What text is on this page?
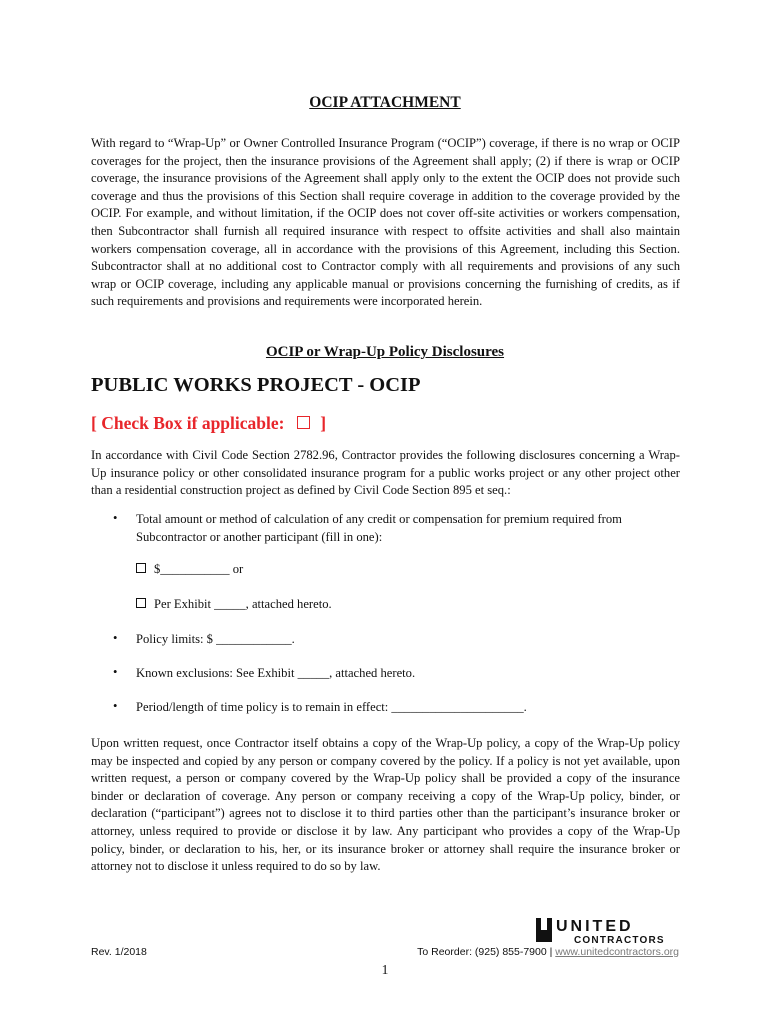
OCIP ATTACHMENT

With regard to “Wrap-Up” or Owner Controlled Insurance Program (“OCIP”) coverage, if there is no wrap or OCIP coverages for the project, then the insurance provisions of the Agreement shall apply; (2) if there is wrap or OCIP coverage, the insurance provisions of the Agreement shall apply only to the extent the OCIP does not provide such coverage and thus the provisions of this Section shall require coverage in addition to the coverage provided by the OCIP. For example, and without limitation, if the OCIP does not cover off-site activities or workers compensation, then Subcontractor shall furnish all required insurance with respect to offsite activities and shall also maintain workers compensation coverage, all in accordance with the provisions of this Agreement, including this Section. Subcontractor shall at no additional cost to Contractor comply with all requirements and provisions of any such wrap or OCIP coverage, including any applicable manual or provisions concerning the furnishing of credits, as if such requirements and provisions and requirements were incorporated herein.

OCIP or Wrap-Up Policy Disclosures
PUBLIC WORKS PROJECT - OCIP
[ Check Box if applicable: ]

In accordance with Civil Code Section 2782.96, Contractor provides the following disclosures concerning a Wrap-Up insurance policy or other consolidated insurance program for a public works project or any other project other than a residential construction project as defined by Civil Code Section 895 et seq.:

• Total amount or method of calculation of any credit or compensation for premium required from Subcontractor or another participant (fill in one):
$___________ or
Per Exhibit _____, attached hereto.
• Policy limits: $ ____________.
• Known exclusions: See Exhibit _____, attached hereto.
• Period/length of time policy is to remain in effect: _____________________.

Upon written request, once Contractor itself obtains a copy of the Wrap-Up policy, a copy of the Wrap-Up policy may be inspected and copied by any person or company covered by the policy. If a policy is not yet available, upon written request, a person or company covered by the Wrap-Up policy shall be provided a copy of the insurance binder or declaration of coverage. Any person or company receiving a copy of the Wrap-Up policy, binder, or declaration (“participant”) agrees not to disclose it to third parties other than the participant’s insurance broker or attorney, unless required to provide or disclose it by law. Any participant who provides a copy of the Wrap-Up policy, binder, or declaration to his, her, or its insurance broker or attorney shall require the insurance broker or attorney not to disclose it unless required to do so by law.

UNITED
CONTRACTORS
Rev. 1/2018	To Reorder: (925) 855-7900 | www.unitedcontractors.org
1
